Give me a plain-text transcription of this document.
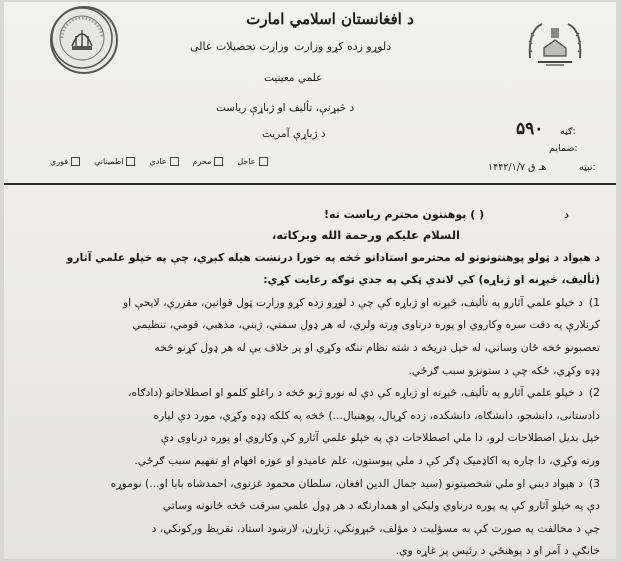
د افغانستان اسلامي امارت
دلوړو زده کړو وزارت
وزارت تحصیلات عالی
علمي معینیت
د څېړنې، تألیف او ژباړې ریاست
د ژباړې آمریت
فوري	اطمیناني	عادي	محرم	عاجل
ګڼه:
۵۹۰
ضمایم:
نېټه:
۱۴۴۲/۱/۷ هـ ق
د
( ) پوهنتون محترم ریاست ته!

السلام علیکم ورحمة الله وبرکاته،

د هېواد د ټولو پوهنتونونو له محترمو استادانو څخه په خورا درنښت هیله کېږي، چې په خپلو علمي آثارو

(تألیف، څېړنه او ژباړه) کې لاندې ټکي په جدي توګه رعایت کړي:

1)د خپلو علمي آثارو په تألیف، څېړنه او ژباړه کې چې د لوړو زده کړو وزارت ټول قوانین، مقررې، لایحې او

کرنلارې په دقت سره وکاروي او پوره درناوی ورته ولري، له هر ډول سمتي، ژبني، مذهبي، قومي، تنظیمي

تعصبونو څخه ځان وساتي، له خپل دریځه د شته نظام ننګه وکړي او پر خلاف یې له هر ډول کړنو څخه

ډډه وکړي، ځکه چې د ستونزو سبب ګرځي.

2)د خپلو علمي آثارو په تألیف، څېړنه او ژباړه کې دې له نورو ژبو څخه د راغلو کلمو او اصطلاحاتو (دادګاه،

دادستانی، دانشجو، دانشګاه، دانشکده، زده کړیال، پوهنیال...) څخه په کلکه ډډه وکړي، مورد دې لپاره

خپل بدیل اصطلاحات لرو، دا ملي اصطلاحات دې په خپلو علمي آثارو کې وکاروي او پوره درناوی دې

ورته وکړي، دا چاره په اکاډمیک ډګر کې د ملي پیوستون، علم عامیدو او عوزه افهام او تفهیم سبب ګرځي.

3)د هېواد ديني او ملي شخصیتونو (سید جمال الدین افغان، سلطان محمود غزنوی، احمدشاه بابا او...) نوموړه

دې په خپلو آثارو کې په پوره درناوي ولیکي او همدارنګه د هر ډول علمي سرقت څخه ځانونه وساتي

چې د مخالفت په صورت کې به مسؤلیت د مؤلف، څېړونکي، ژباړن، لارښود استاد، تقریظ ورکونکي، د

خانګې د آمر او د پوهنځي د رئیس پر غاړه وي.
